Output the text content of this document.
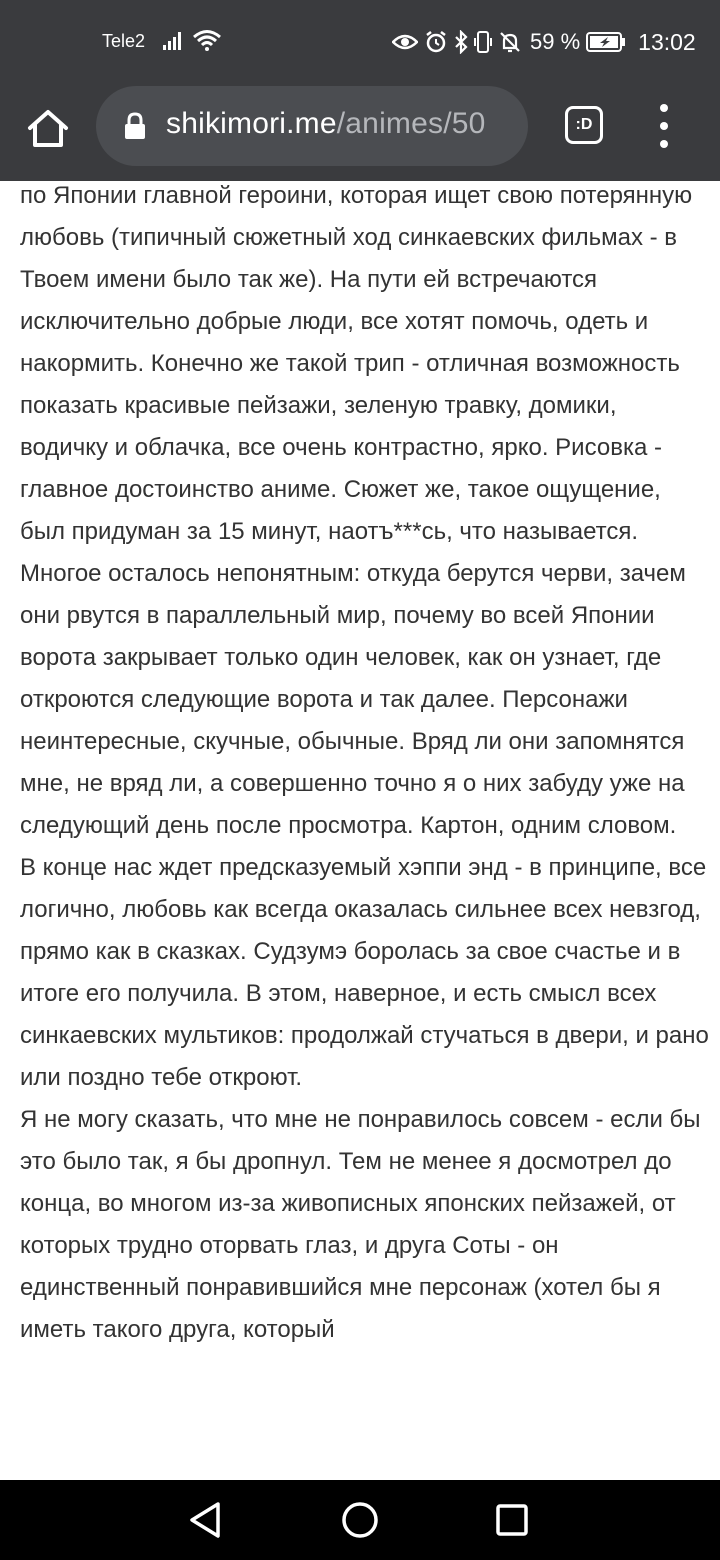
Tele2	59 %	13:02
shikimori.me/animes/50	:D

по Японии главной героини, которая ищет свою потерянную любовь (типичный сюжетный ход синкаевских фильмах - в Твоем имени было так же). На пути ей встречаются исключительно добрые люди, все хотят помочь, одеть и накормить. Конечно же такой трип - отличная возможность показать красивые пейзажи, зеленую травку, домики, водичку и облачка, все очень контрастно, ярко. Рисовка - главное достоинство аниме. Сюжет же, такое ощущение, был придуман за 15 минут, наотъ***сь, что называется. Многое осталось непонятным: откуда берутся черви, зачем они рвутся в параллельный мир, почему во всей Японии ворота закрывает только один человек, как он узнает, где откроются следующие ворота и так далее. Персонажи неинтересные, скучные, обычные. Вряд ли они запомнятся мне, не вряд ли, а совершенно точно я о них забуду уже на следующий день после просмотра. Картон, одним словом.

В конце нас ждет предсказуемый хэппи энд - в принципе, все логично, любовь как всегда оказалась сильнее всех невзгод, прямо как в сказках. Судзумэ боролась за свое счастье и в итоге его получила. В этом, наверное, и есть смысл всех синкаевских мультиков: продолжай стучаться в двери, и рано или поздно тебе откроют.

Я не могу сказать, что мне не понравилось совсем - если бы это было так, я бы дропнул. Тем не менее я досмотрел до конца, во многом из-за живописных японских пейзажей, от которых трудно оторвать глаз, и друга Соты - он единственный понравившийся мне персонаж (хотел бы я иметь такого друга, который
